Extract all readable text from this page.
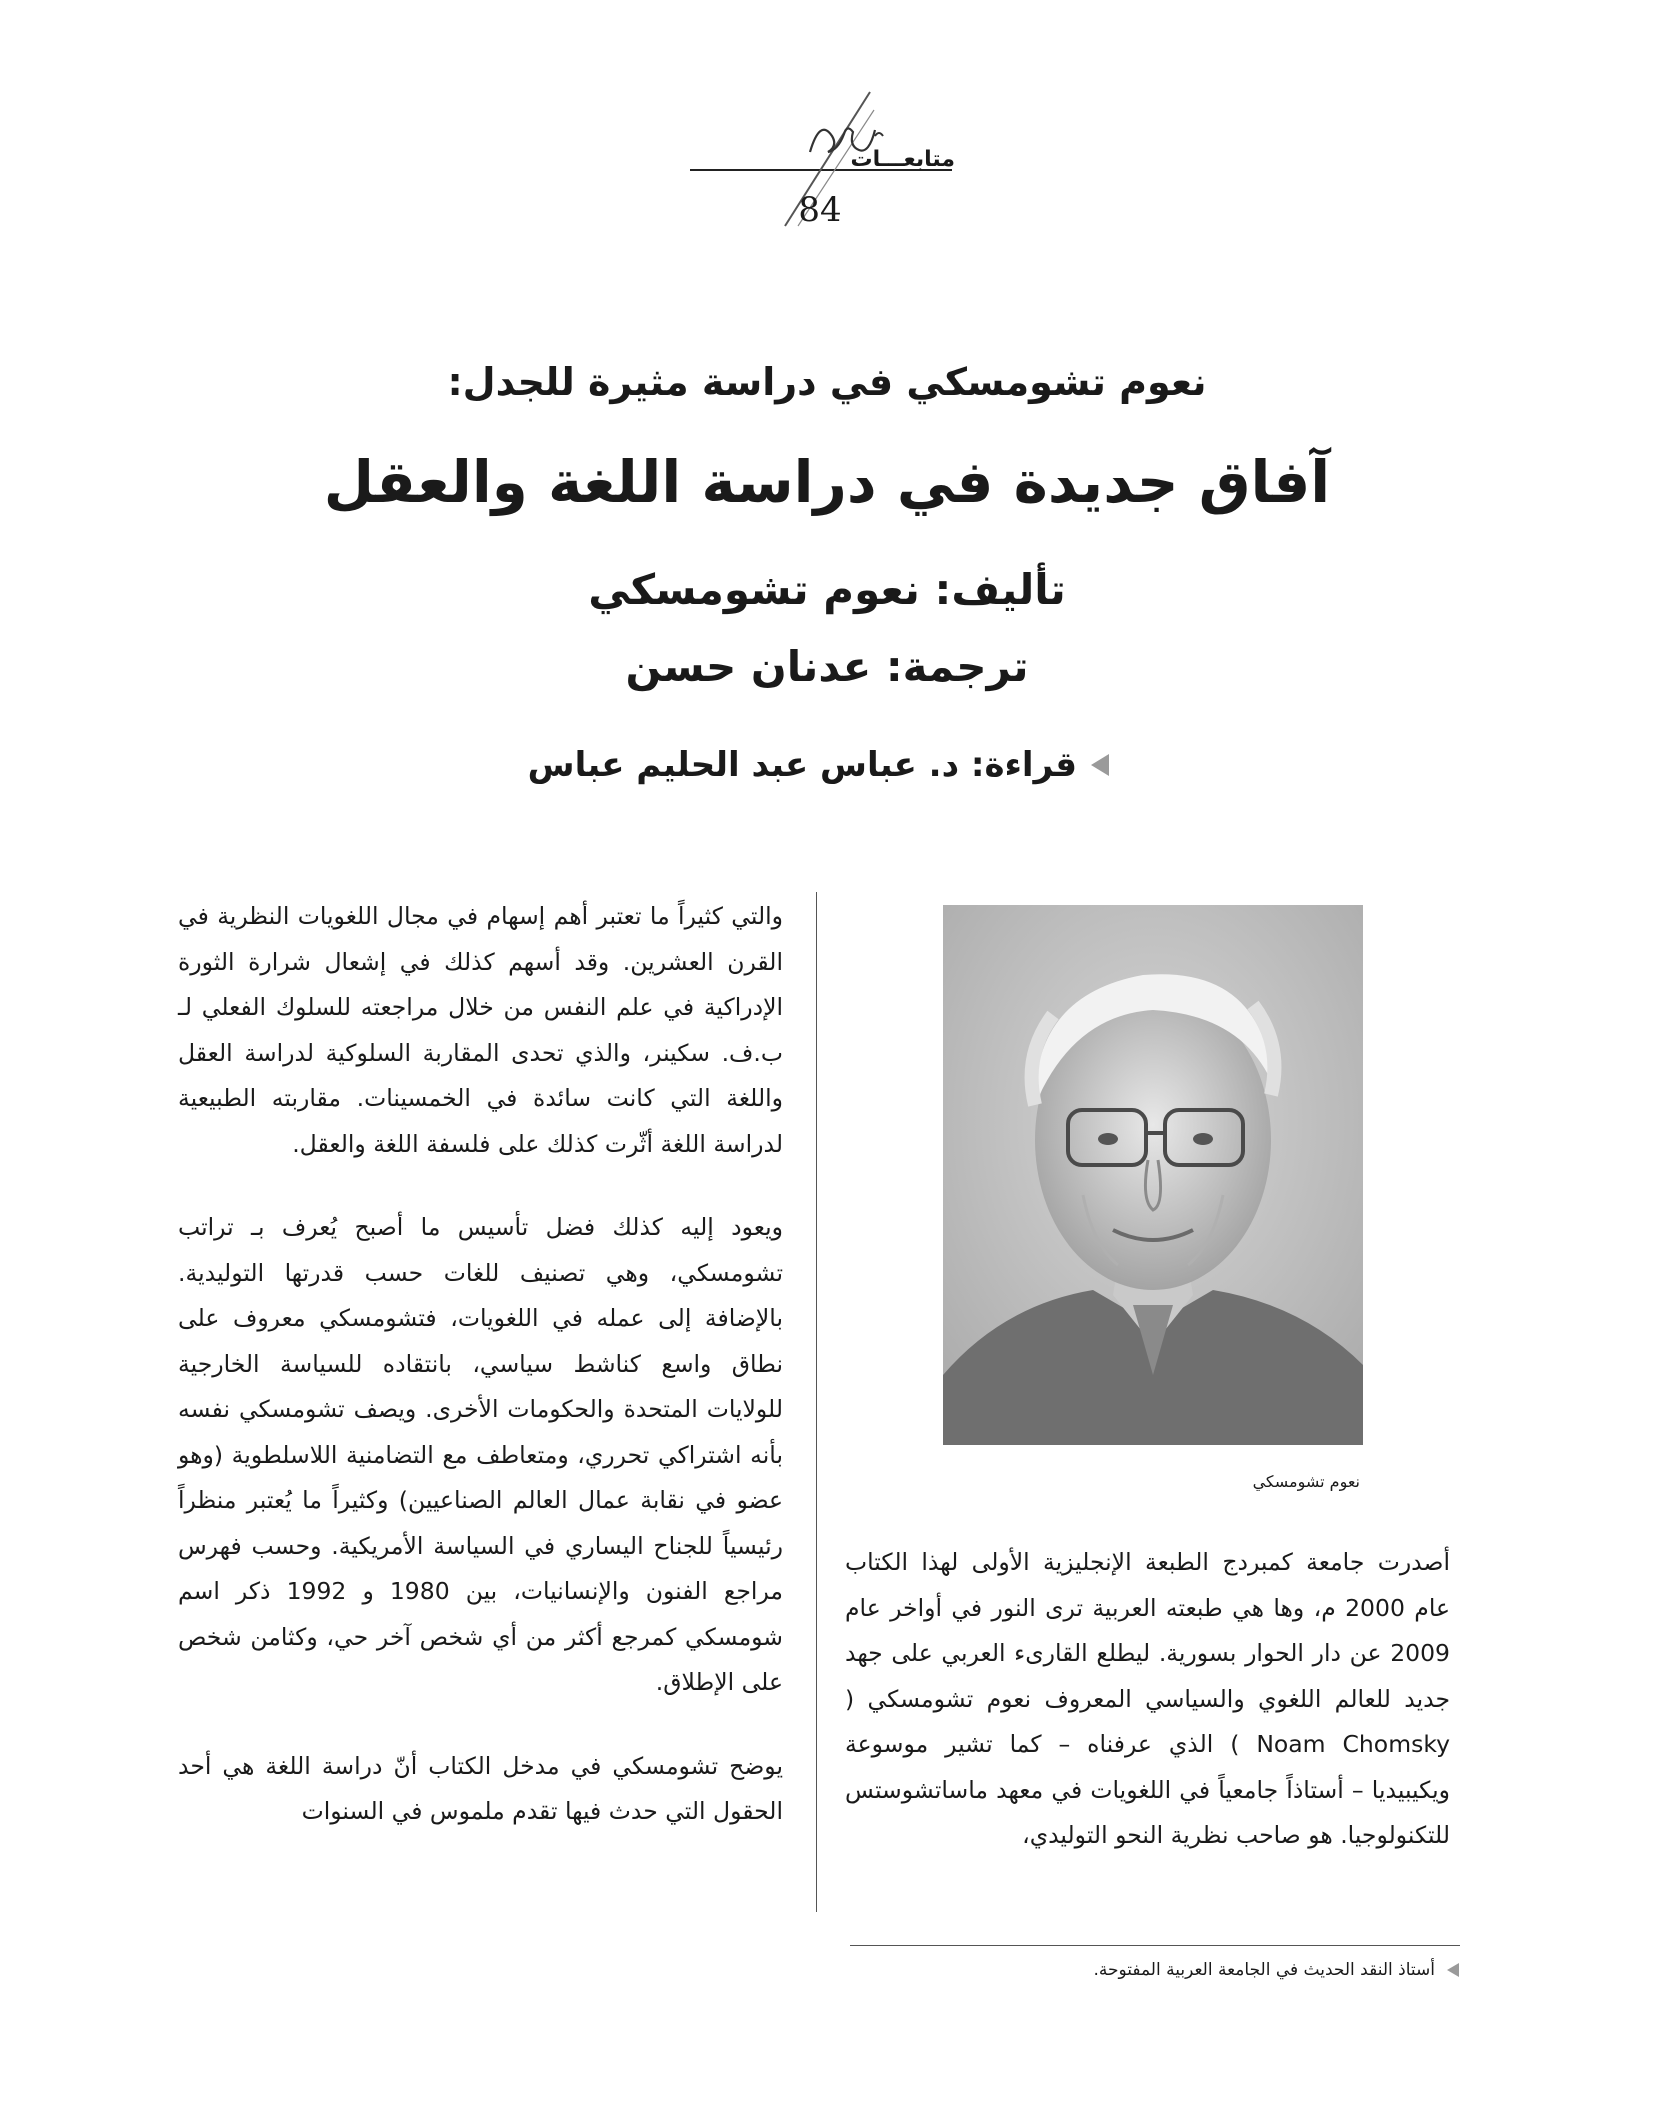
متابعـــات
84
نعوم تشومسكي في دراسة مثيرة للجدل:
آفاق جديدة في دراسة اللغة والعقل
تأليف: نعوم تشومسكي
ترجمة: عدنان حسن
قراءة: د. عباس عبد الحليم عباس

والتي كثيراً ما تعتبر أهم إسهام في مجال اللغويات النظرية في القرن العشرين. وقد أسهم كذلك في إشعال شرارة الثورة الإدراكية في علم النفس من خلال مراجعته للسلوك الفعلي لـ ب.ف. سكينر، والذي تحدى المقاربة السلوكية لدراسة العقل واللغة التي كانت سائدة في الخمسينات. مقاربته الطبيعية لدراسة اللغة أثّرت كذلك على فلسفة اللغة والعقل.

ويعود إليه كذلك فضل تأسيس ما أصبح يُعرف بـ تراتب تشومسكي، وهي تصنيف للغات حسب قدرتها التوليدية. بالإضافة إلى عمله في اللغويات، فتشومسكي معروف على نطاق واسع كناشط سياسي، بانتقاده للسياسة الخارجية للولايات المتحدة والحكومات الأخرى. ويصف تشومسكي نفسه بأنه اشتراكي تحرري، ومتعاطف مع التضامنية اللاسلطوية (وهو عضو في نقابة عمال العالم الصناعيين) وكثيراً ما يُعتبر منظراً رئيسياً للجناح اليساري في السياسة الأمريكية. وحسب فهرس مراجع الفنون والإنسانيات، بين 1980 و 1992 ذكر اسم شومسكي كمرجع أكثر من أي شخص آخر حي، وكثامن شخص على الإطلاق.

يوضح تشومسكي في مدخل الكتاب أنّ دراسة اللغة هي أحد الحقول التي حدث فيها تقدم ملموس في السنوات

نعوم تشومسكي

أصدرت جامعة كمبردج الطبعة الإنجليزية الأولى لهذا الكتاب عام 2000 م، وها هي طبعته العربية ترى النور في أواخر عام 2009 عن دار الحوار بسورية. ليطلع القارىء العربي على جهد جديد للعالم اللغوي والسياسي المعروف نعوم تشومسكي ( Noam Chomsky ) الذي عرفناه – كما تشير موسوعة ويكيبيديا – أستاذاً جامعياً في اللغويات في معهد ماساتشوستس للتكنولوجيا. هو صاحب نظرية النحو التوليدي،

أستاذ النقد الحديث في الجامعة العربية المفتوحة.
